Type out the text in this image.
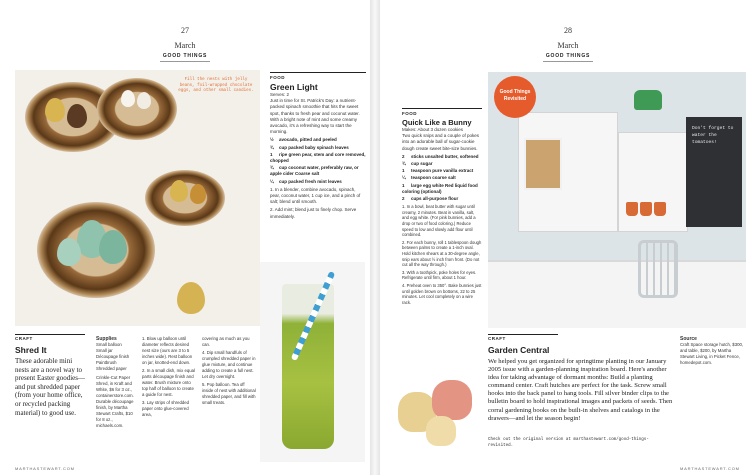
27
March
GOOD THINGS
Fill the nests with jelly beans, foil-wrapped chocolate eggs, and other small candies.
CRAFT
Shred It
These adorable mini nests are a novel way to present Easter goodies—and put shredded paper (from your home office, or recycled packing material) to good use.
Supplies
Small balloon
Small jar
Découpage finish
Paintbrush
Shredded paper
Crinkle-Cut Paper Shred, in Kraft and White, $6 for 3 oz., containerstore.com. Durable découpage finish, by Martha Stewart Crafts, $10 for 8 oz., michaels.com.
1. Blow up balloon until diameter reflects desired nest size (ours are 3 to 5 inches wide). Rest balloon on jar, knotted-end down.
2. In a small dish, mix equal parts découpage finish and water. Brush mixture onto top half of balloon to create a guide for nest.
3. Lay strips of shredded paper onto glue-covered area,
covering as much as you can.
4. Dip small handfuls of crumpled shredded paper in glue mixture, and continue adding to create a full nest. Let dry overnight.
5. Pop balloon. Tea off inside of nest with additional shredded paper, and fill with small treats.
FOOD
Green Light
Serves: 2
Just in time for St. Patrick's Day: a nutrient-packed spinach smoothie that hits the sweet spot, thanks to fresh pear and coconut water. With a bright note of mint and some creamy avocado, it's a refreshing way to start the morning.
½ avocado, pitted and peeled
¾ cup packed baby spinach leaves
1 ripe green pear, stem and core removed, chopped
¾ cup coconut water, preferably raw, or apple cider Coarse salt
¼ cup packed fresh mint leaves
1. In a blender, combine avocado, spinach, pear, coconut water, 1 cup ice, and a pinch of salt; blend until smooth.
2. Add mint; blend just to finely chop. Serve immediately.
MARTHASTEWART.COM
28
March
GOOD THINGS
FOOD
Quick Like a Bunny
Makes: About 3 dozen cookies
Two quick snips and a couple of pokes into an adorable ball of sugar-cookie dough create sweet bite-size bunnies.
2 sticks unsalted butter, softened
¾ cup sugar
1 teaspoon pure vanilla extract
¼ teaspoon coarse salt
1 large egg white Red liquid food coloring (optional)
2 cups all-purpose flour
1. In a bowl, beat butter with sugar until creamy, 2 minutes. Beat in vanilla, salt, and egg white. (For pink bunnies, add a drop or two of food coloring.) Reduce speed to low and slowly add flour until combined.
2. For each bunny, roll 1 tablespoon dough between palms to create a 1-inch oval. Hold kitchen shears at a 30-degree angle, snip ears about ½ inch from front. (Do not cut all the way through.)
3. With a toothpick, poke holes for eyes. Refrigerate until firm, about 1 hour.
4. Preheat oven to 350°. Bake bunnies just until golden brown on bottoms, 22 to 25 minutes. Let cool completely on a wire rack.
Don't forget to water the tomatoes!
Good Things Revisited
CRAFT
Garden Central
We helped you get organized for springtime planting in our January 2005 issue with a garden-planning inspiration board. Here's another idea for taking advantage of dormant months: Build a planting command center. Craft hutches are perfect for the task. Screw small hooks into the back panel to hang tools. Fill silver binder clips to the bulletin board to hold inspirational images and packets of seeds. Then corral gardening books on the built-in shelves and catalogs in the drawers—and let the season begin!
Check out the original version at marthastewart.com/good-things-revisited.
Source
Craft Space storage hutch, $300, and table, $200, by Martha Stewart Living, in Picket Fence, homedepot.com.
MARTHASTEWART.COM
